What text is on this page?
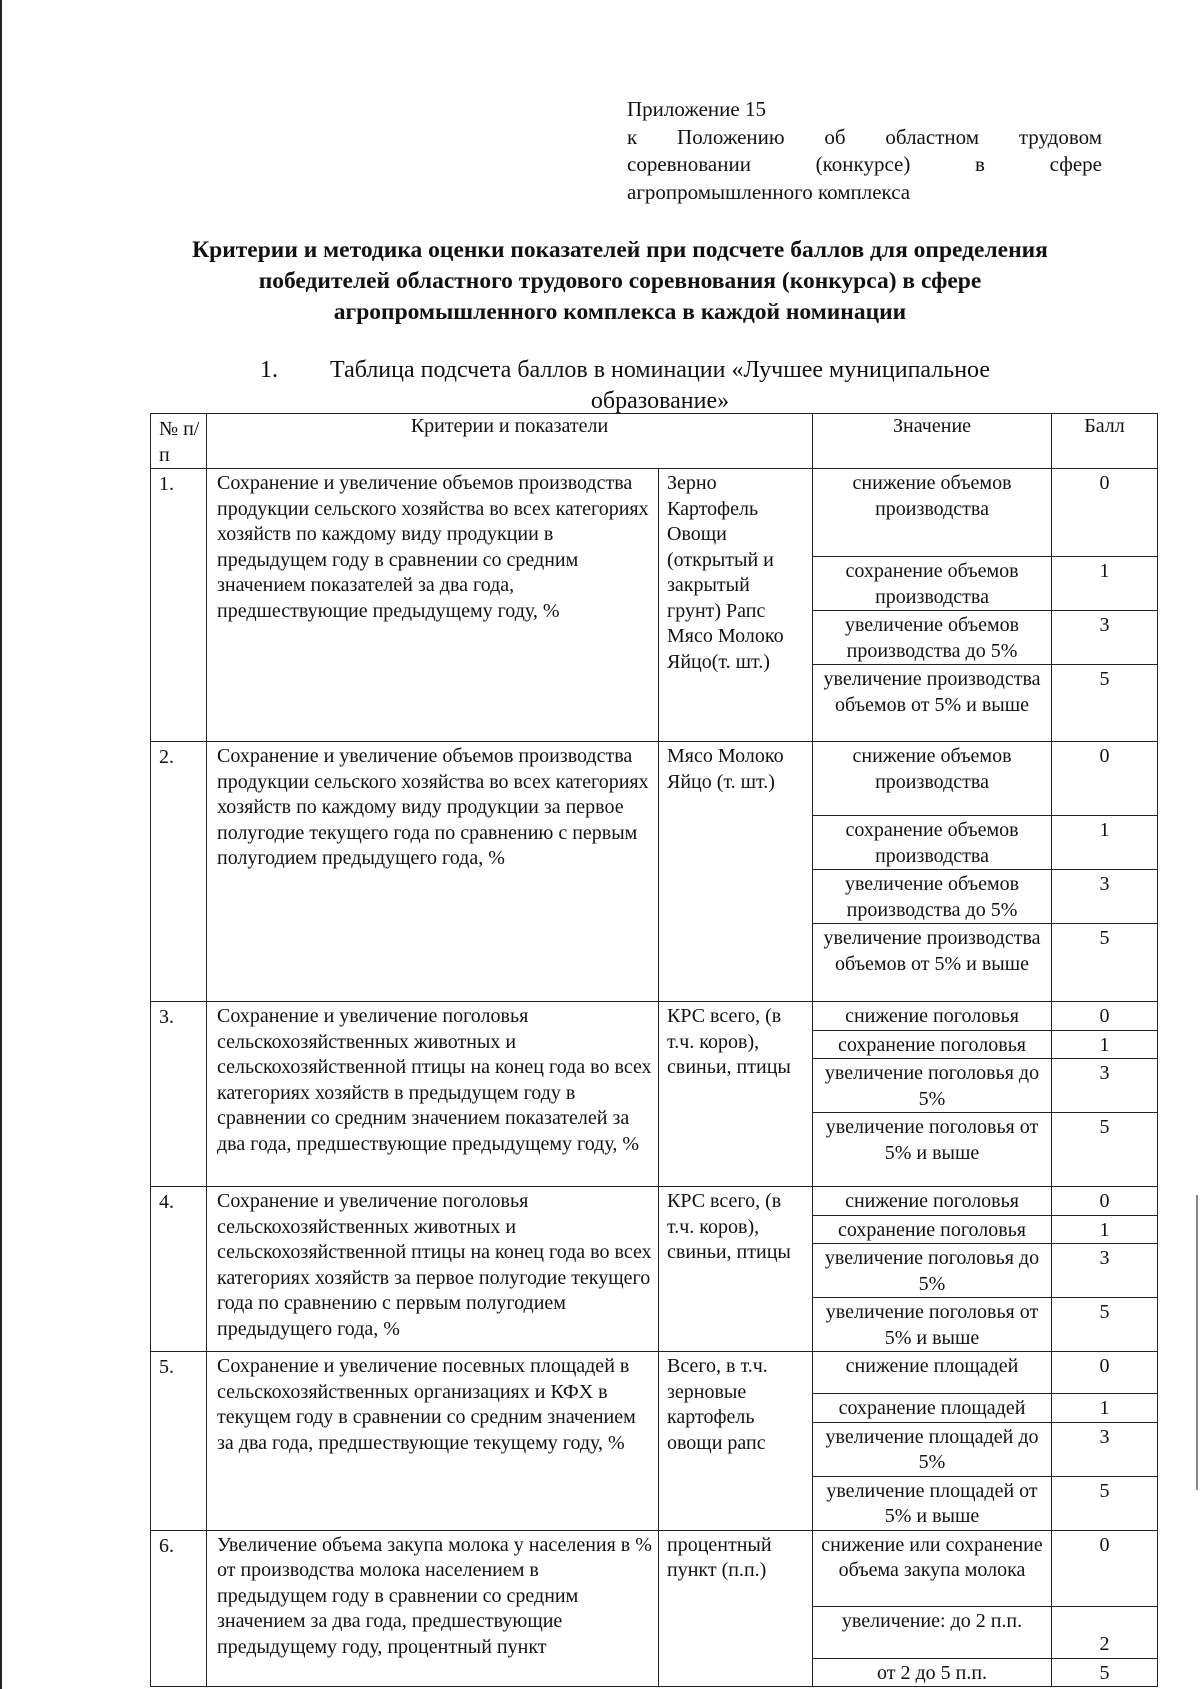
Приложение 15
к Положению об областном трудовом
соревновании (конкурсе) в сфере
агропромышленного комплекса
Критерии и методика оценки показателей при подсчете баллов для определения
победителей областного трудового соревнования (конкурса) в сфере
агропромышленного комплекса в каждой номинации
1.	Таблица подсчета баллов в номинации «Лучшее муниципальное
образование»
№ п/п	Критерии и показатели		Значение	Балл
1.	Сохранение и увеличение объемов производства продукции сельского хозяйства во всех категориях хозяйств по каждому виду продукции в предыдущем году в сравнении со средним значением показателей за два года, предшествующие предыдущему году, %	Зерно Картофель Овощи (открытый и закрытый грунт) Рапс Мясо Молоко Яйцо(т. шт.)	снижение объемов производства	0
			сохранение объемов производства	1
			увеличение объемов производства до 5%	3
			увеличение производства объемов от 5% и выше	5
2.	Сохранение и увеличение объемов производства продукции сельского хозяйства во всех категориях хозяйств по каждому виду продукции за первое полугодие текущего года по сравнению с первым полугодием предыдущего года, %	Мясо Молоко Яйцо (т. шт.)	снижение объемов производства	0
			сохранение объемов производства	1
			увеличение объемов производства до 5%	3
			увеличение производства объемов от 5% и выше	5
3.	Сохранение и увеличение поголовья сельскохозяйственных животных и сельскохозяйственной птицы на конец года во всех категориях хозяйств в предыдущем году в сравнении со средним значением показателей за два года, предшествующие предыдущему году, %	КРС всего, (в т.ч. коров), свиньи, птицы	снижение поголовья	0
			сохранение поголовья	1
			увеличение поголовья до 5%	3
			увеличение поголовья от 5% и выше	5
4.	Сохранение и увеличение поголовья сельскохозяйственных животных и сельскохозяйственной птицы на конец года во всех категориях хозяйств за первое полугодие текущего года по сравнению с первым полугодием предыдущего года, %	КРС всего, (в т.ч. коров), свиньи, птицы	снижение поголовья	0
			сохранение поголовья	1
			увеличение поголовья до 5%	3
			увеличение поголовья от 5% и выше	5
5.	Сохранение и увеличение посевных площадей в сельскохозяйственных организациях и КФХ в текущем году в сравнении со средним значением за два года, предшествующие текущему году, %	Всего, в т.ч. зерновые картофель овощи рапс	снижение площадей	0
			сохранение площадей	1
			увеличение площадей до 5%	3
			увеличение площадей от 5% и выше	5
6.	Увеличение объема закупа молока у населения в % от производства молока населением в предыдущем году в сравнении со средним значением за два года, предшествующие предыдущему году, процентный пункт	процентный пункт (п.п.)	снижение или сохранение объема закупа молока	0
			увеличение: до 2 п.п.	2
			от 2 до 5 п.п.	5
